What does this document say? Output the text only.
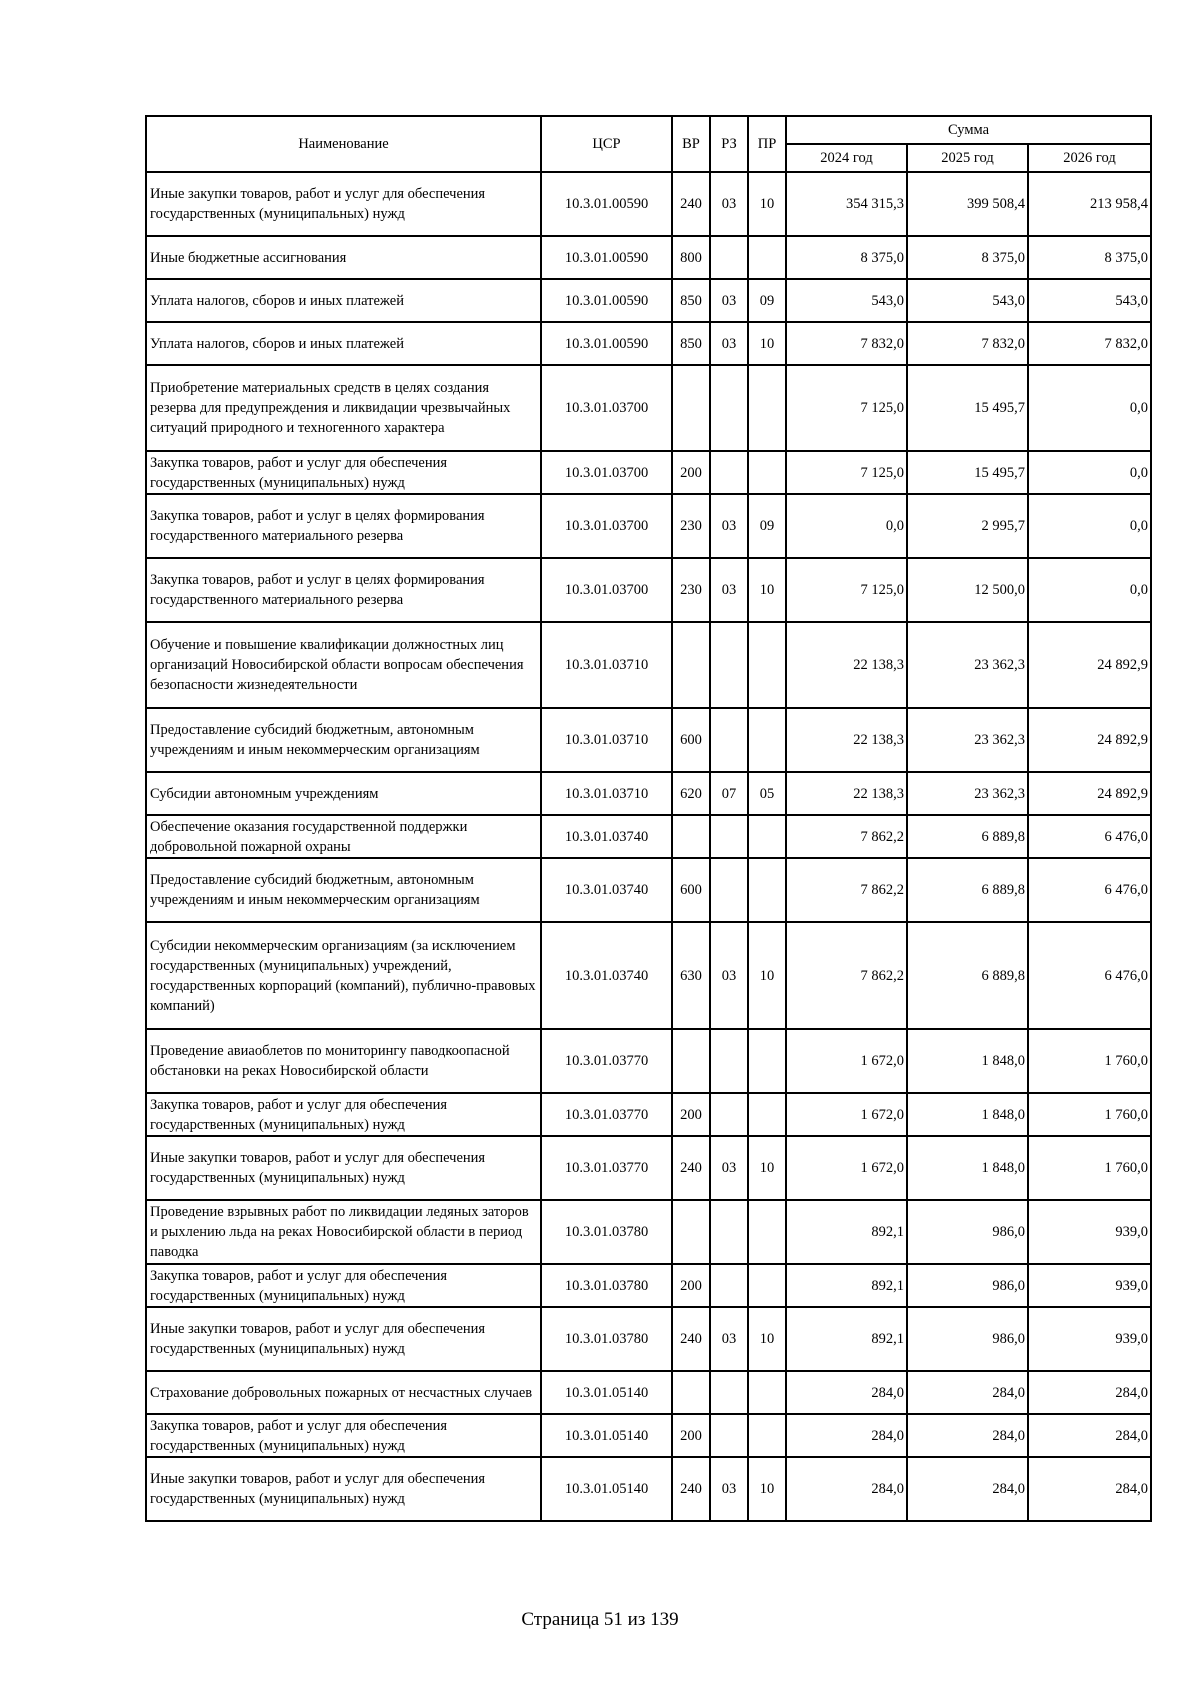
Наименование	ЦСР	ВР	РЗ	ПР	Сумма		
					2024 год	2025 год	2026 год
Иные закупки товаров, работ и услуг для обеспечения государственных (муниципальных) нужд	10.3.01.00590	240	03	10	354 315,3	399 508,4	213 958,4
Иные бюджетные ассигнования	10.3.01.00590	800			8 375,0	8 375,0	8 375,0
Уплата налогов, сборов и иных платежей	10.3.01.00590	850	03	09	543,0	543,0	543,0
Уплата налогов, сборов и иных платежей	10.3.01.00590	850	03	10	7 832,0	7 832,0	7 832,0
Приобретение материальных средств в целях создания резерва для предупреждения и ликвидации чрезвычайных ситуаций природного и техногенного характера	10.3.01.03700				7 125,0	15 495,7	0,0
Закупка товаров, работ и услуг для обеспечения государственных (муниципальных) нужд	10.3.01.03700	200			7 125,0	15 495,7	0,0
Закупка товаров, работ и услуг в целях формирования государственного материального резерва	10.3.01.03700	230	03	09	0,0	2 995,7	0,0
Закупка товаров, работ и услуг в целях формирования государственного материального резерва	10.3.01.03700	230	03	10	7 125,0	12 500,0	0,0
Обучение и повышение квалификации должностных лиц организаций Новосибирской области вопросам обеспечения безопасности жизнедеятельности	10.3.01.03710				22 138,3	23 362,3	24 892,9
Предоставление субсидий бюджетным, автономным учреждениям и иным некоммерческим организациям	10.3.01.03710	600			22 138,3	23 362,3	24 892,9
Субсидии автономным учреждениям	10.3.01.03710	620	07	05	22 138,3	23 362,3	24 892,9
Обеспечение оказания государственной поддержки добровольной пожарной охраны	10.3.01.03740				7 862,2	6 889,8	6 476,0
Предоставление субсидий бюджетным, автономным учреждениям и иным некоммерческим организациям	10.3.01.03740	600			7 862,2	6 889,8	6 476,0
Субсидии некоммерческим организациям (за исключением государственных (муниципальных) учреждений, государственных корпораций (компаний), публично-правовых компаний)	10.3.01.03740	630	03	10	7 862,2	6 889,8	6 476,0
Проведение авиаоблетов по мониторингу паводкоопасной обстановки на реках Новосибирской области	10.3.01.03770				1 672,0	1 848,0	1 760,0
Закупка товаров, работ и услуг для обеспечения государственных (муниципальных) нужд	10.3.01.03770	200			1 672,0	1 848,0	1 760,0
Иные закупки товаров, работ и услуг для обеспечения государственных (муниципальных) нужд	10.3.01.03770	240	03	10	1 672,0	1 848,0	1 760,0
Проведение взрывных работ по ликвидации ледяных заторов и рыхлению льда на реках Новосибирской области в период паводка	10.3.01.03780				892,1	986,0	939,0
Закупка товаров, работ и услуг для обеспечения государственных (муниципальных) нужд	10.3.01.03780	200			892,1	986,0	939,0
Иные закупки товаров, работ и услуг для обеспечения государственных (муниципальных) нужд	10.3.01.03780	240	03	10	892,1	986,0	939,0
Страхование добровольных пожарных от несчастных случаев	10.3.01.05140				284,0	284,0	284,0
Закупка товаров, работ и услуг для обеспечения государственных (муниципальных) нужд	10.3.01.05140	200			284,0	284,0	284,0
Иные закупки товаров, работ и услуг для обеспечения государственных (муниципальных) нужд	10.3.01.05140	240	03	10	284,0	284,0	284,0
Страница 51 из 139
